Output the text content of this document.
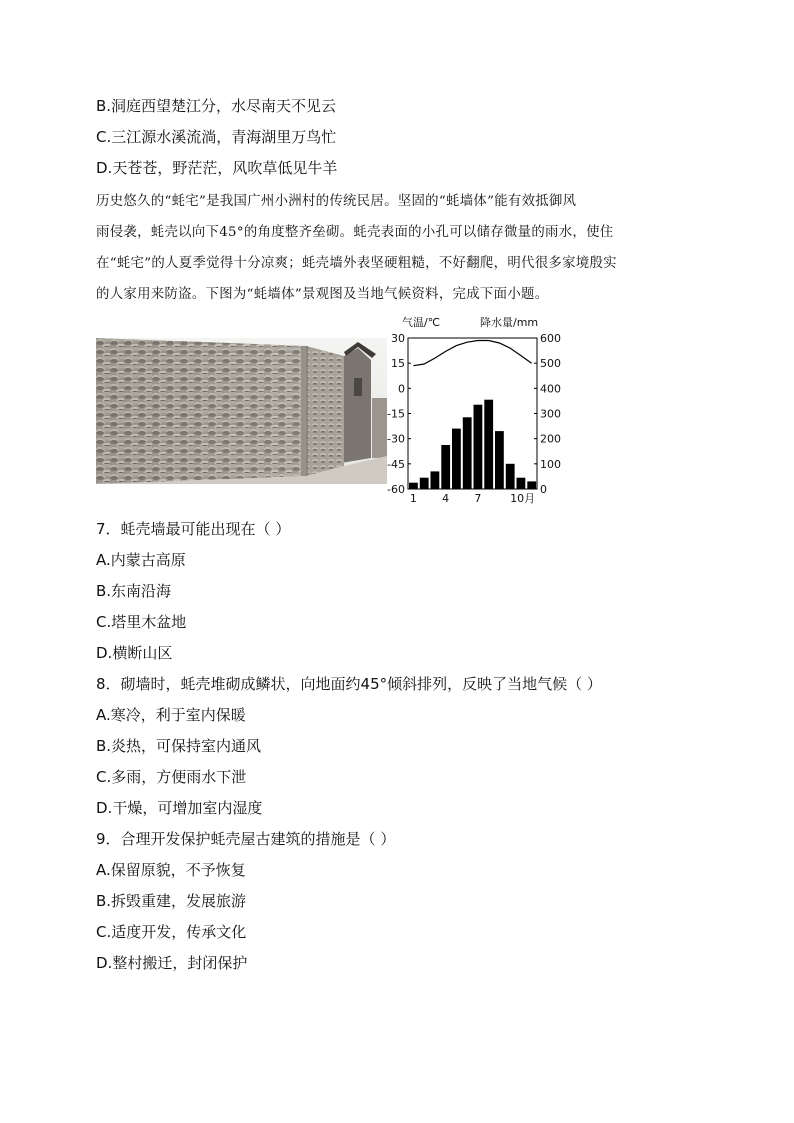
B.洞庭西望楚江分，水尽南天不见云
C.三江源水溪流淌，青海湖里万鸟忙
D.天苍苍，野茫茫，风吹草低见牛羊
历史悠久的“蚝宅”是我国广州小洲村的传统民居。坚固的“蚝墙体”能有效抵御风
雨侵袭，蚝壳以向下45°的角度整齐垒砌。蚝壳表面的小孔可以储存微量的雨水，使住
在“蚝宅”的人夏季觉得十分凉爽；蚝壳墙外表坚硬粗糙，不好翻爬，明代很多家境殷实
的人家用来防盗。下图为“蚝墙体”景观图及当地气候资料，完成下面小题。
气温/℃	降水量/mm
30
15
0
-15
-30
-45
-60
600
500
400
300
200
100
0
1 4 7	10月
7．蚝壳墙最可能出现在（ ）
A.内蒙古高原
B.东南沿海
C.塔里木盆地
D.横断山区
8．砌墙时，蚝壳堆砌成鳞状，向地面约45°倾斜排列，反映了当地气候（ ）
A.寒冷，利于室内保暖
B.炎热，可保持室内通风
C.多雨，方便雨水下泄
D.干燥，可增加室内湿度
9．合理开发保护蚝壳屋古建筑的措施是（ ）
A.保留原貌，不予恢复
B.拆毁重建，发展旅游
C.适度开发，传承文化
D.整村搬迁，封闭保护
